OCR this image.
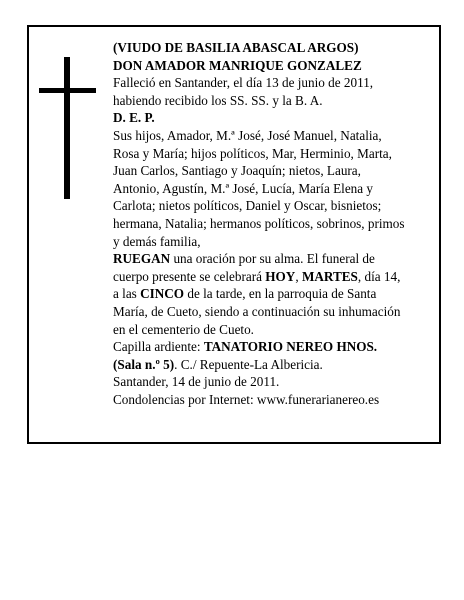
(VIUDO DE BASILIA ABASCAL ARGOS)
DON AMADOR MANRIQUE GONZALEZ
Falleció en Santander, el día 13 de junio de 2011,
habiendo recibido los SS. SS. y la B. A.
D. E. P.
Sus hijos, Amador, M.ª José, José Manuel, Natalia,
Rosa y María; hijos políticos, Mar, Herminio, Marta,
Juan Carlos, Santiago y Joaquín; nietos, Laura,
Antonio, Agustín, M.ª José, Lucía, María Elena y
Carlota; nietos políticos, Daniel y Oscar, bisnietos;
hermana, Natalia; hermanos políticos, sobrinos, primos
y demás familia,
RUEGAN una oración por su alma. El funeral de
cuerpo presente se celebrará HOY, MARTES, día 14,
a las CINCO de la tarde, en la parroquia de Santa
María, de Cueto, siendo a continuación su inhumación
en el cementerio de Cueto.
Capilla ardiente: TANATORIO NEREO HNOS.
(Sala n.º 5). C./ Repuente-La Albericia.
Santander, 14 de junio de 2011.
Condolencias por Internet: www.funerarianereo.es
